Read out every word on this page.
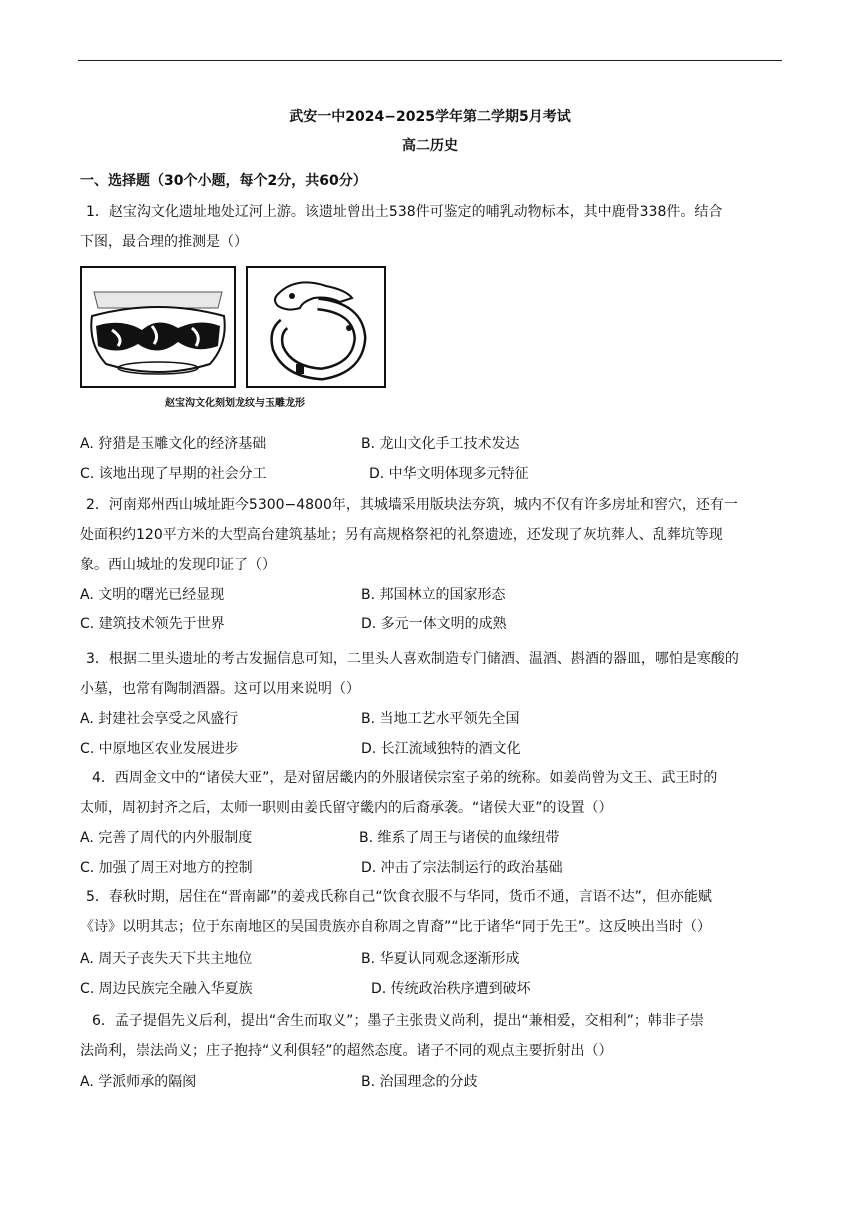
武安一中2024−2025学年第二学期5月考试
高二历史
一、选择题（30个小题，每个2分，共60分）
1．赵宝沟文化遗址地处辽河上游。该遗址曾出土538件可鉴定的哺乳动物标本，其中鹿骨338件。结合
下图，最合理的推测是（）
赵宝沟文化刻划龙纹与玉雕龙形
A. 狩猎是玉雕文化的经济基础	B. 龙山文化手工技术发达
C. 该地出现了早期的社会分工	D. 中华文明体现多元特征
2．河南郑州西山城址距今5300−4800年，其城墙采用版块法夯筑，城内不仅有许多房址和窖穴，还有一
处面积约120平方米的大型高台建筑基址；另有高规格祭祀的礼祭遗迹，还发现了灰坑葬人、乱葬坑等现
象。西山城址的发现印证了（）
A. 文明的曙光已经显现	B. 邦国林立的国家形态
C. 建筑技术领先于世界	D. 多元一体文明的成熟
3．根据二里头遗址的考古发掘信息可知，二里头人喜欢制造专门储酒、温酒、斟酒的器皿，哪怕是寒酸的
小墓，也常有陶制酒器。这可以用来说明（）
A. 封建社会享受之风盛行	B. 当地工艺水平领先全国
C. 中原地区农业发展进步	D. 长江流域独特的酒文化
4．西周金文中的“诸侯大亚”，是对留居畿内的外服诸侯宗室子弟的统称。如姜尚曾为文王、武王时的
太师，周初封齐之后，太师一职则由姜氏留守畿内的后裔承袭。“诸侯大亚”的设置（）
A. 完善了周代的内外服制度	B. 维系了周王与诸侯的血缘纽带
C. 加强了周王对地方的控制	D. 冲击了宗法制运行的政治基础
5．春秋时期，居住在“晋南鄙”的姜戎氏称自己“饮食衣服不与华同，货币不通，言语不达”，但亦能赋
《诗》以明其志；位于东南地区的吴国贵族亦自称周之胄裔”“比于诸华“同于先王”。这反映出当时（）
A. 周天子丧失天下共主地位	B. 华夏认同观念逐渐形成
C. 周边民族完全融入华夏族	D. 传统政治秩序遭到破坏
6．孟子提倡先义后利，提出“舍生而取义”；墨子主张贵义尚利，提出“兼相爱，交相利”；韩非子崇
法尚利，崇法尚义；庄子抱持“义利俱轻”的超然态度。诸子不同的观点主要折射出（）
A. 学派师承的隔阂	B. 治国理念的分歧
